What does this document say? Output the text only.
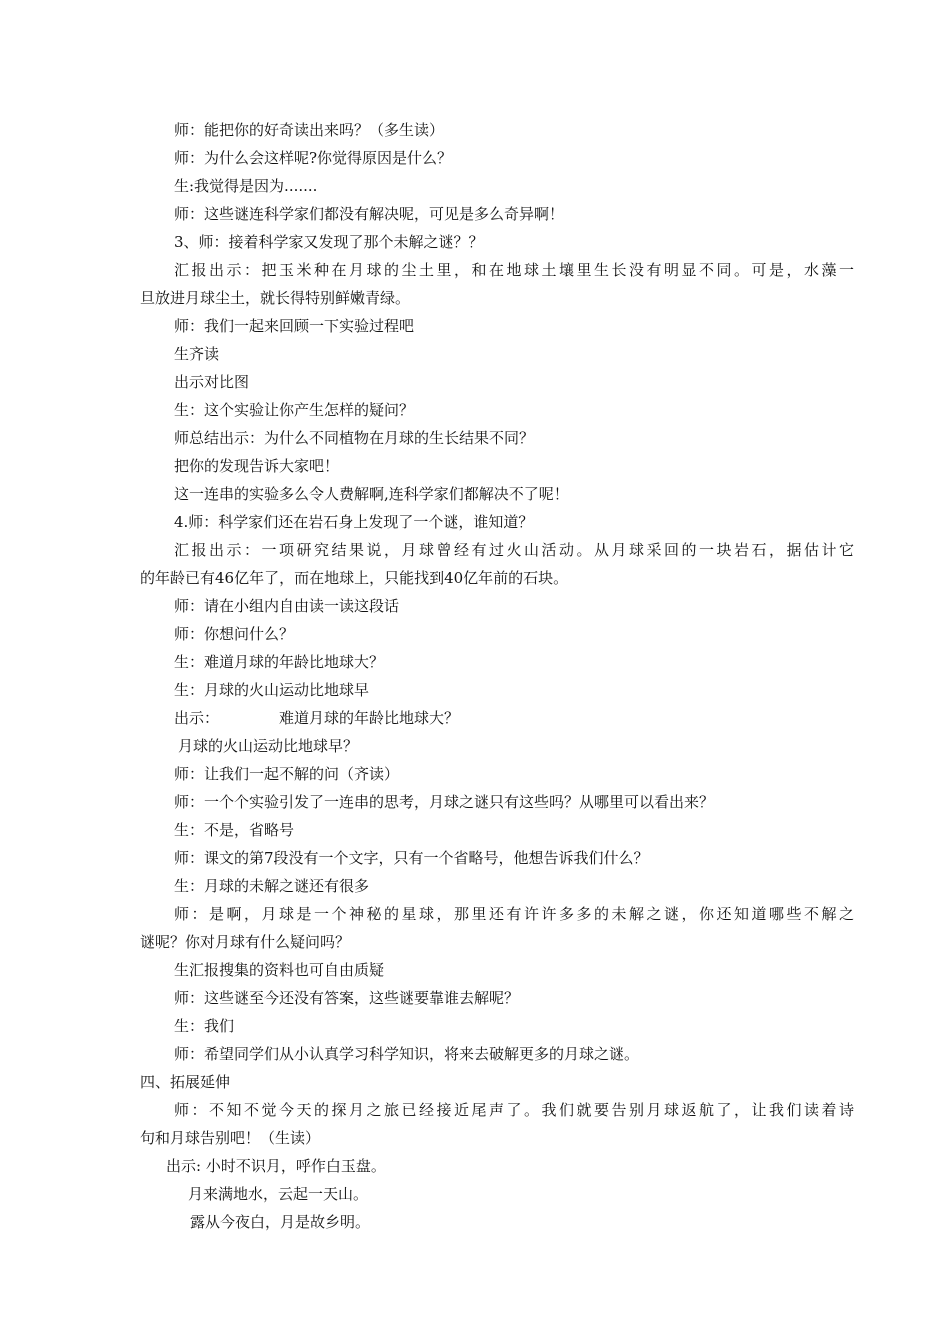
师：能把你的好奇读出来吗？（多生读）
师：为什么会这样呢?你觉得原因是什么？
生:我觉得是因为.......
师：这些谜连科学家们都没有解决呢，可见是多么奇异啊！
3、师：接着科学家又发现了那个未解之谜？？
汇报出示：把玉米种在月球的尘土里，和在地球土壤里生长没有明显不同。可是，水藻一
旦放进月球尘土，就长得特别鲜嫩青绿。
师：我们一起来回顾一下实验过程吧
生齐读
出示对比图
生：这个实验让你产生怎样的疑问？
师总结出示：为什么不同植物在月球的生长结果不同？
把你的发现告诉大家吧！
这一连串的实验多么令人费解啊,连科学家们都解决不了呢！
4.师：科学家们还在岩石身上发现了一个谜，谁知道？
汇报出示：一项研究结果说，月球曾经有过火山活动。从月球采回的一块岩石，据估计它
的年龄已有46亿年了，而在地球上，只能找到40亿年前的石块。
师：请在小组内自由读一读这段话
师：你想问什么？
生：难道月球的年龄比地球大？
生：月球的火山运动比地球早
出示：	难道月球的年龄比地球大？
月球的火山运动比地球早？
师：让我们一起不解的问（齐读）
师：一个个实验引发了一连串的思考，月球之谜只有这些吗？从哪里可以看出来？
生：不是，省略号
师：课文的第7段没有一个文字，只有一个省略号，他想告诉我们什么？
生：月球的未解之谜还有很多
师：是啊，月球是一个神秘的星球，那里还有许许多多的未解之谜，你还知道哪些不解之
谜呢？你对月球有什么疑问吗？
生汇报搜集的资料也可自由质疑
师：这些谜至今还没有答案，这些谜要靠谁去解呢？
生：我们
师：希望同学们从小认真学习科学知识，将来去破解更多的月球之谜。
四、拓展延伸
师：不知不觉今天的探月之旅已经接近尾声了。我们就要告别月球返航了，让我们读着诗
句和月球告别吧！（生读）
出示: 小时不识月，呼作白玉盘。
月来满地水，云起一天山。
露从今夜白，月是故乡明。
